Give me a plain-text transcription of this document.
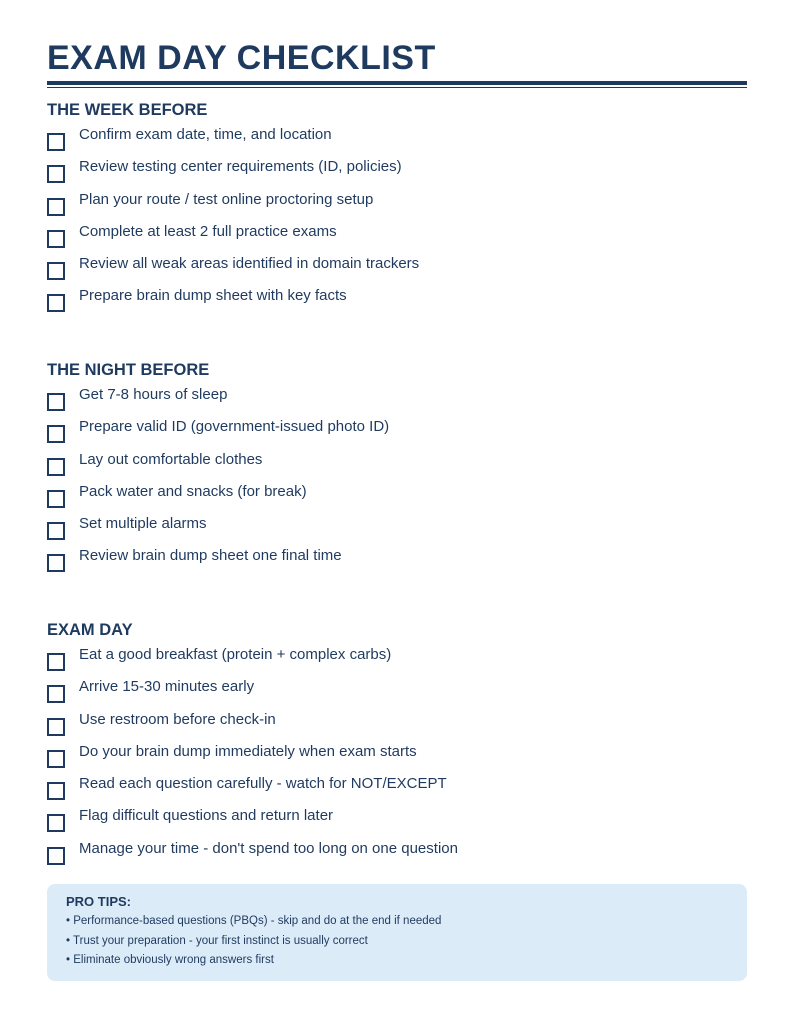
EXAM DAY CHECKLIST
THE WEEK BEFORE
Confirm exam date, time, and location
Review testing center requirements (ID, policies)
Plan your route / test online proctoring setup
Complete at least 2 full practice exams
Review all weak areas identified in domain trackers
Prepare brain dump sheet with key facts
THE NIGHT BEFORE
Get 7-8 hours of sleep
Prepare valid ID (government-issued photo ID)
Lay out comfortable clothes
Pack water and snacks (for break)
Set multiple alarms
Review brain dump sheet one final time
EXAM DAY
Eat a good breakfast (protein + complex carbs)
Arrive 15-30 minutes early
Use restroom before check-in
Do your brain dump immediately when exam starts
Read each question carefully - watch for NOT/EXCEPT
Flag difficult questions and return later
Manage your time - don't spend too long on one question
PRO TIPS:
• Performance-based questions (PBQs) - skip and do at the end if needed
• Trust your preparation - your first instinct is usually correct
• Eliminate obviously wrong answers first
